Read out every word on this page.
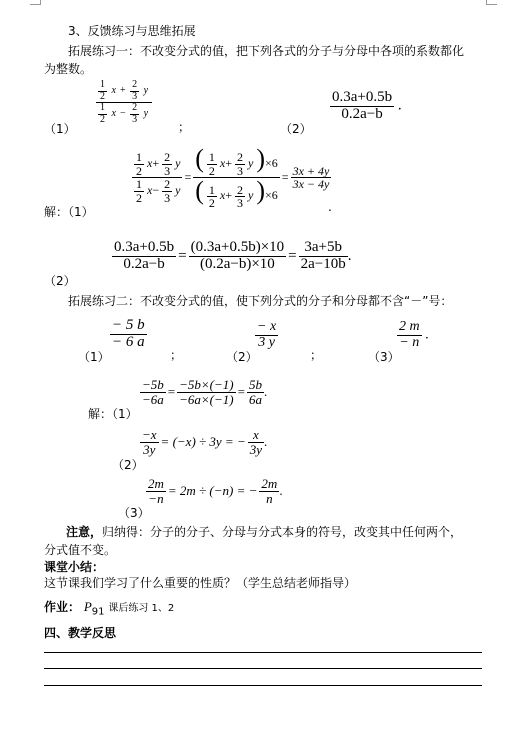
3、反馈练习与思维拓展
拓展练习一：不改变分式的值，把下列各式的分子与分母中各项的系数都化
为整数。
（1）
$\frac{\frac{1}{2} x + \frac{2}{3} y}{\frac{1}{2} x - \frac{2}{3} y}$
；	（2）
$\frac{0.3a+0.5b}{0.2a-b}$ .
解：（1）
$\frac{\frac{1}{2} x+ \frac{2}{3} y}{\frac{1}{2} x- \frac{2}{3} y} = \frac{( \frac{1}{2} x+ \frac{2}{3} y )\times 6}{( \frac{1}{2} x+ \frac{2}{3} y )\times 6} = \frac{3x + 4y}{3x - 4y}$
.
（2）
$\frac{0.3a+0.5b}{0.2a-b} = \frac{(0.3a+0.5b)\times 10}{(0.2a-b)\times 10} = \frac{3a+5b}{2a-10b}$ .
拓展练习二：不改变分式的值，使下列分式的分子和分母都不含“－”号：
（1）
$\frac{- 5 b}{- 6 a}$
；	（2）
$\frac{- x}{3 y}$
；	（3）
$\frac{2 m}{- n}$ .
解：（1）
$\frac{-5b}{-6a} = \frac{-5b\times(-1)}{-6a\times(-1)} = \frac{5b}{6a}$ .
（2）
$\frac{-x}{3y} = (-x) \div 3y$ = − $\frac{x}{3y}$ .
（3）
$\frac{2m}{-n} = 2m \div (-n)$ = − $\frac{2m}{n}$ .
注意，归纳得：分子的分子、分母与分式本身的符号，改变其中任何两个，
分式值不变。
课堂小结：
这节课我们学习了什么重要的性质？（学生总结老师指导）
作业： $P_{91}$ 课后练习 1、2
四、教学反思
